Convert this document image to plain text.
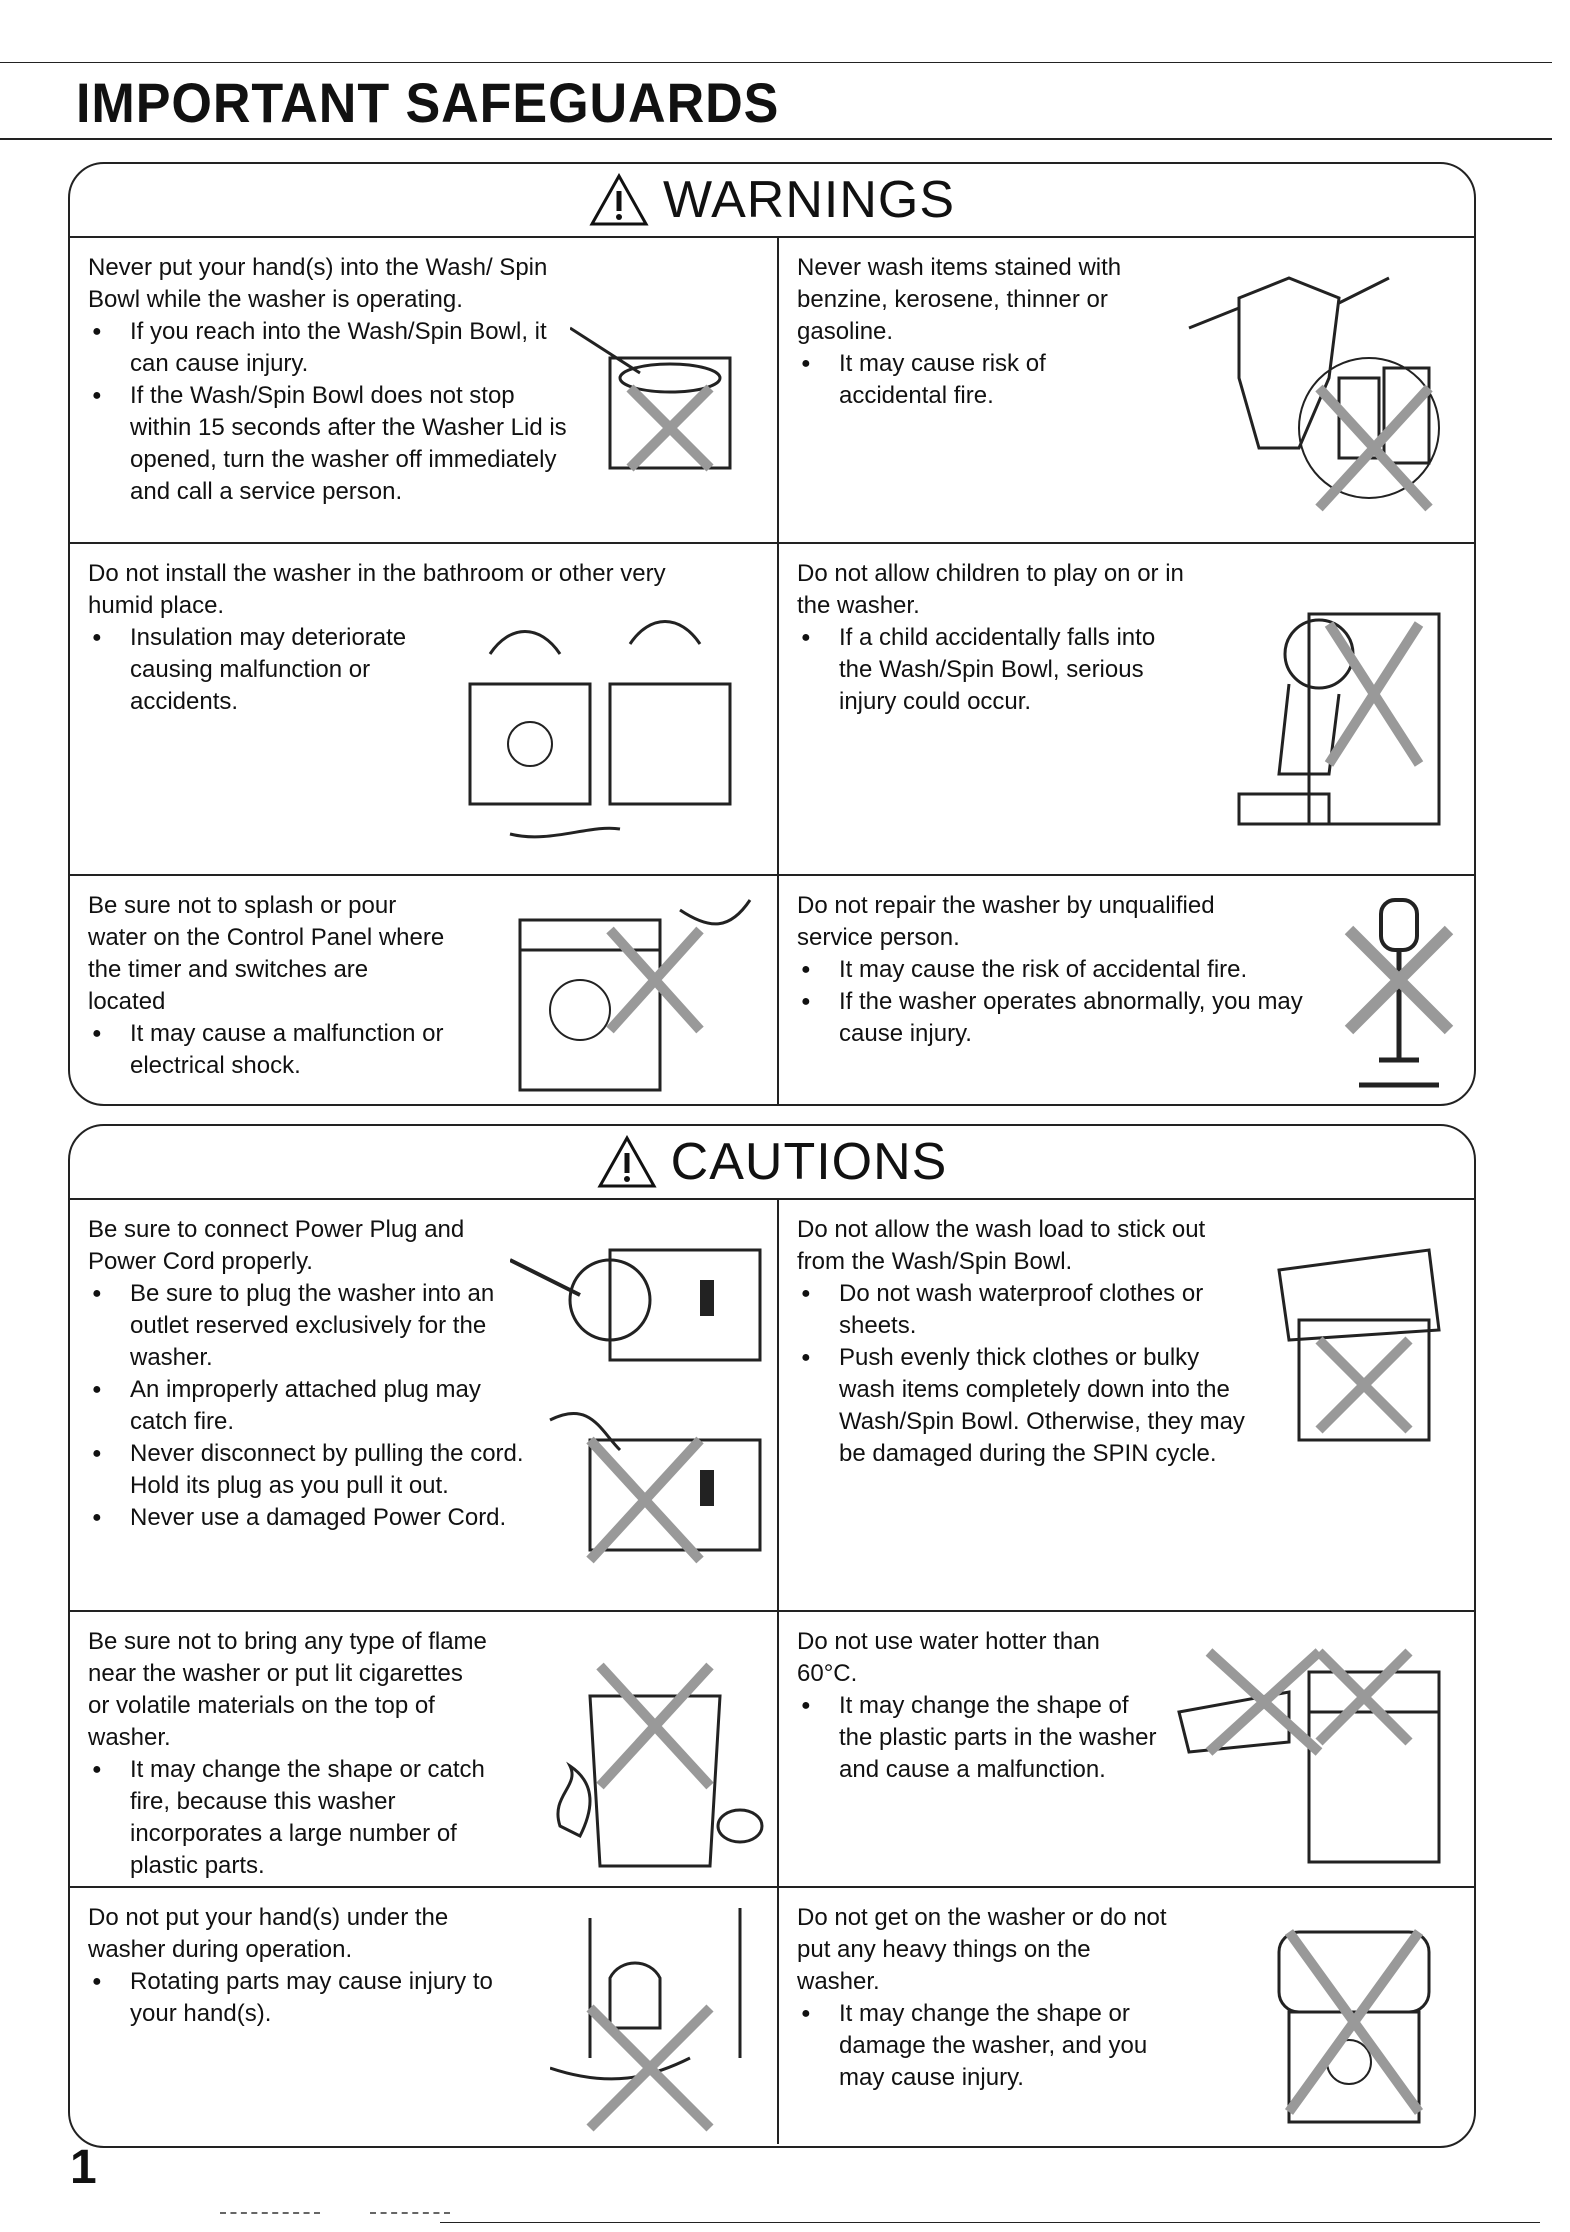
IMPORTANT SAFEGUARDS
WARNINGS
Never put your hand(s) into the Wash/ Spin Bowl while the washer is operating.
● If you reach into the Wash/Spin Bowl, it can cause injury.
● If the Wash/Spin Bowl does not stop within 15 seconds after the Washer Lid is opened, turn the washer off immediately and call a service person.
Never wash items stained with benzine, kerosene, thinner or gasoline.
● It may cause risk of accidental fire.
Do not install the washer in the bathroom or other very humid place.
● Insulation may deteriorate causing malfunction or accidents.
Do not allow children to play on or in the washer.
● If a child accidentally falls into the Wash/Spin Bowl, serious injury could occur.
Be sure not to splash or pour water on the Control Panel where the timer and switches are located
● It may cause a malfunction or electrical shock.
Do not repair the washer by unqualified service person.
● It may cause the risk of accidental fire.
● If the washer operates abnormally, you may cause injury.
CAUTIONS
Be sure to connect Power Plug and Power Cord properly.
● Be sure to plug the washer into an outlet reserved exclusively for the washer.
● An improperly attached plug may catch fire.
● Never disconnect by pulling the cord. Hold its plug as you pull it out.
● Never use a damaged Power Cord.
Do not allow the wash load to stick out from the Wash/Spin Bowl.
● Do not wash waterproof clothes or sheets.
● Push evenly thick clothes or bulky wash items completely down into the Wash/Spin Bowl. Otherwise, they may be damaged during the SPIN cycle.
Be sure not to bring any type of flame near the washer or put lit cigarettes or volatile materials on the top of washer.
● It may change the shape or catch fire, because this washer incorporates a large number of plastic parts.
Do not use water hotter than 60°C.
● It may change the shape of the plastic parts in the washer and cause a malfunction.
Do not put your hand(s) under the washer during operation.
● Rotating parts may cause injury to your hand(s).
Do not get on the washer or do not put any heavy things on the washer.
● It may change the shape or damage the washer, and you may cause injury.
1
